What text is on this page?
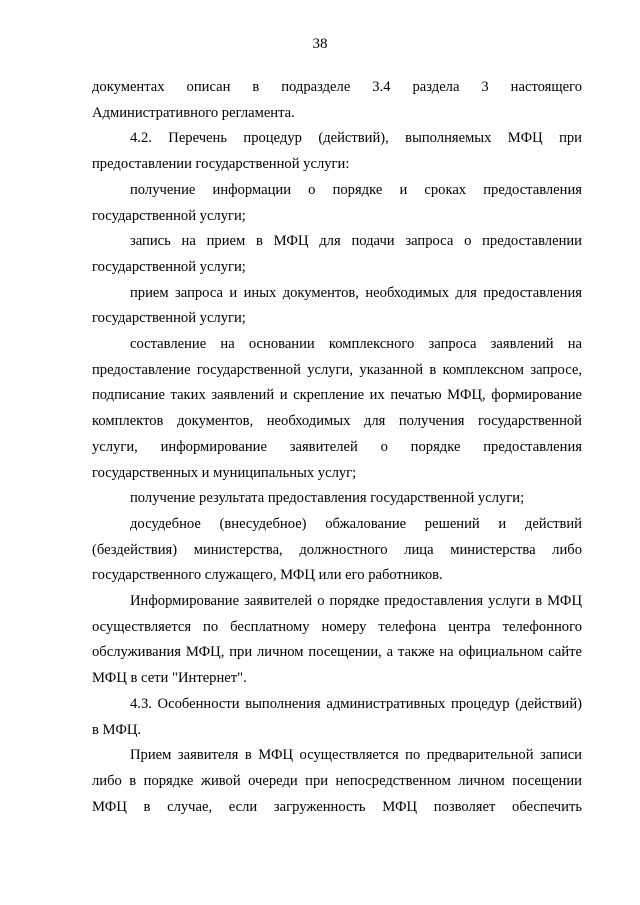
38

документах описан в подразделе 3.4 раздела 3 настоящего Административного регламента.

4.2. Перечень процедур (действий), выполняемых МФЦ при предоставлении государственной услуги:

получение информации о порядке и сроках предоставления государственной услуги;

запись на прием в МФЦ для подачи запроса о предоставлении государственной услуги;

прием запроса и иных документов, необходимых для предоставления государственной услуги;

составление на основании комплексного запроса заявлений на предоставление государственной услуги, указанной в комплексном запросе, подписание таких заявлений и скрепление их печатью МФЦ, формирование комплектов документов, необходимых для получения государственной услуги, информирование заявителей о порядке предоставления государственных и муниципальных услуг;

получение результата предоставления государственной услуги;

досудебное (внесудебное) обжалование решений и действий (бездействия) министерства, должностного лица министерства либо государственного служащего, МФЦ или его работников.

Информирование заявителей о порядке предоставления услуги в МФЦ осуществляется по бесплатному номеру телефона центра телефонного обслуживания МФЦ, при личном посещении, а также на официальном сайте МФЦ в сети "Интернет".

4.3. Особенности выполнения административных процедур (действий) в МФЦ.

Прием заявителя в МФЦ осуществляется по предварительной записи либо в порядке живой очереди при непосредственном личном посещении МФЦ в случае, если загруженность МФЦ позволяет обеспечить
